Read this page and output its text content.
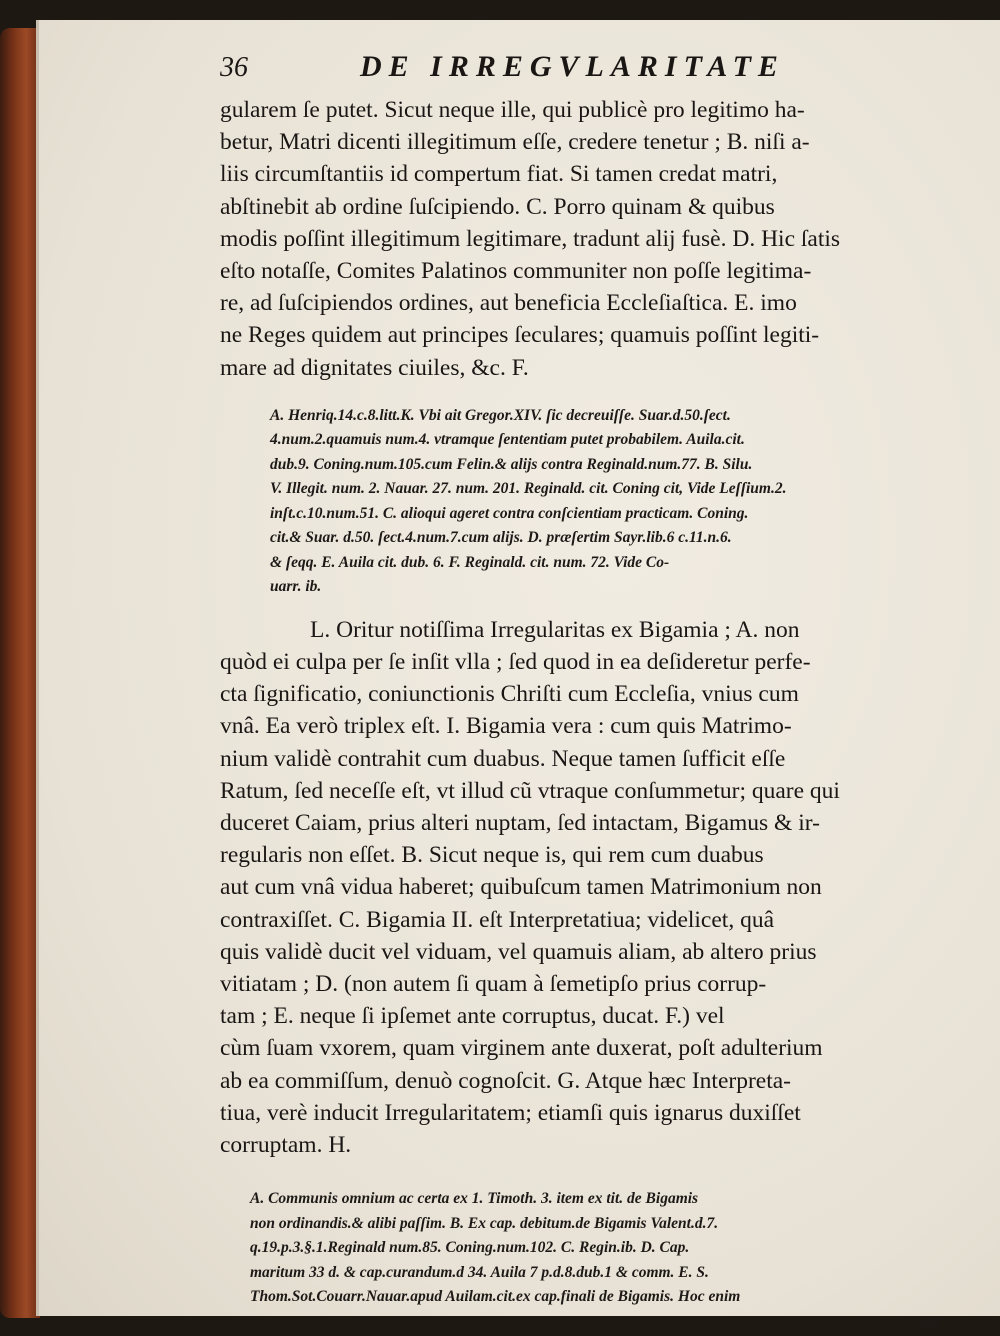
36	DE IRREGVLARITATE
gularem ſe putet. Sicut neque ille, qui publicè pro legitimo ha-
betur, Matri dicenti illegitimum eſſe, credere tenetur ; B. niſi a-
liis circumſtantiis id compertum fiat. Si tamen credat matri,
abſtinebit ab ordine ſuſcipiendo. C. Porro quinam & quibus
modis poſſint illegitimum legitimare, tradunt alij fusè. D. Hic ſatis
eſto notaſſe, Comites Palatinos communiter non poſſe legitima-
re, ad ſuſcipiendos ordines, aut beneficia Eccleſiaſtica. E. imo
ne Reges quidem aut principes ſeculares; quamuis poſſint legiti-
mare ad dignitates ciuiles, &c. F.
A. Henriq.14.c.8.litt.K. Vbi ait Gregor.XIV. ſic decreuiſſe. Suar.d.50.ſect.
4.num.2.quamuis num.4. vtramque ſententiam putet probabilem. Auila.cit.
dub.9. Coning.num.105.cum Felin.& alijs contra Reginald.num.77. B. Silu.
V. Illegit. num. 2. Nauar. 27. num. 201. Reginald. cit. Coning cit, Vide Leſſium.2.
inſt.c.10.num.51. C. alioqui ageret contra conſcientiam practicam. Coning.
cit.& Suar. d.50. ſect.4.num.7.cum alijs. D. præſertim Sayr.lib.6 c.11.n.6.
& ſeqq. E. Auila cit. dub. 6. F. Reginald. cit. num. 72. Vide Co-
uarr. ib.
L. Oritur notiſſima Irregularitas ex Bigamia ; A. non
quòd ei culpa per ſe inſit vlla ; ſed quod in ea deſideretur perfe-
cta ſignificatio, coniunctionis Chriſti cum Eccleſia, vnius cum
vnâ. Ea verò triplex eſt. I. Bigamia vera : cum quis Matrimo-
nium validè contrahit cum duabus. Neque tamen ſufficit eſſe
Ratum, ſed neceſſe eſt, vt illud cũ vtraque conſummetur; quare qui
duceret Caiam, prius alteri nuptam, ſed intactam, Bigamus & ir-
regularis non eſſet. B. Sicut neque is, qui rem cum duabus
aut cum vnâ vidua haberet; quibuſcum tamen Matrimonium non
contraxiſſet. C. Bigamia II. eſt Interpretatiua; videlicet, quâ
quis validè ducit vel viduam, vel quamuis aliam, ab altero prius
vitiatam ; D. (non autem ſi quam à ſemetipſo prius corrup-
tam ; E. neque ſi ipſemet ante corruptus, ducat. F.) vel
cùm ſuam vxorem, quam virginem ante duxerat, poſt adulterium
ab ea commiſſum, denuò cognoſcit. G. Atque hæc Interpreta-
tiua, verè inducit Irregularitatem; etiamſi quis ignarus duxiſſet
corruptam. H.
A. Communis omnium ac certa ex 1. Timoth. 3. item ex tit. de Bigamis
non ordinandis.& alibi paſſim. B. Ex cap. debitum.de Bigamis Valent.d.7.
q.19.p.3.§.1.Reginald num.85. Coning.num.102. C. Regin.ib. D. Cap.
maritum 33 d. & cap.curandum.d 34. Auila 7 p.d.8.dub.1 & comm. E. S.
Thom.Sot.Couarr.Nauar.apud Auilam.cit.ex cap.finali de Bigamis. Hoc enim
non
